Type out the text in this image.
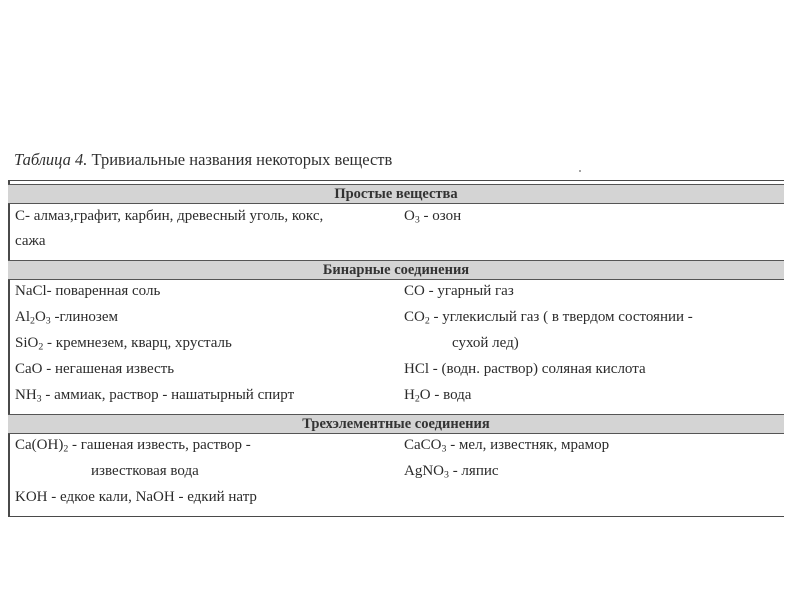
Таблица 4. Тривиальные названия некоторых веществ
Простые вещества
С- алмаз,графит, карбин, древесный уголь, кокс,
сажа
$O_3$ - озон
Бинарные соединения
NaCl- поваренная соль
$Al_2O_3$ -глинозем
SiO$_2$ - кремнезем, кварц, хрусталь
CaO - негашеная известь
$NH_3$ - аммиак, раствор - нашатырный спирт
CO - угарный газ
$CO_2$ - углекислый газ ( в твердом состоянии -
сухой лед)
HCl - (водн. раствор) соляная кислота
$H_2O$ - вода
Трехэлементные соединения
$Ca(OH)_2$ - гашеная известь, раствор -
известковая вода
KOH - едкое кали, NaOH - едкий натр
CaCO$_3$ - мел, известняк, мрамор
AgNO$_3$ - ляпис
